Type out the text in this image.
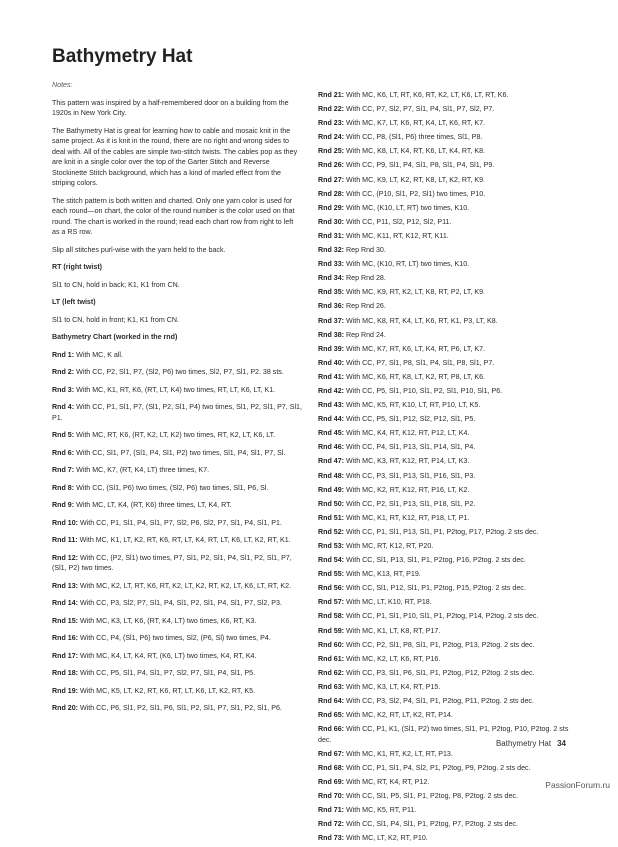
Bathymetry Hat

Notes:

This pattern was inspired by a half-remembered door on a building from the 1920s in New York City.

The Bathymetry Hat is great for learning how to cable and mosaic knit in the same project. As it is knit in the round, there are no right and wrong sides to deal with. All of the cables are simple two-stitch twists. The cables pop as they are knit in a single color over the top of the Garter Stitch and Reverse Stockinette Stitch background, which has a kind of marled effect from the striping colors.

The stitch pattern is both written and charted. Only one yarn color is used for each round—on chart, the color of the round number is the color used on that round. The chart is worked in the round; read each chart row from right to left as a RS row.

Slip all stitches purl-wise with the yarn held to the back.

RT (right twist)

Sl1 to CN, hold in back; K1, K1 from CN.

LT (left twist)

Sl1 to CN, hold in front; K1, K1 from CN.

Bathymetry Chart (worked in the rnd)

Rnd 1: With MC, K all.

Rnd 2: With CC, P2, Sl1, P7, (Sl2, P6) two times, Sl2, P7, Sl1, P2. 38 sts.

Rnd 3: With MC, K1, RT, K6, (RT, LT, K4) two times, RT, LT, K6, LT, K1.

Rnd 4: With CC, P1, Sl1, P7, (Sl1, P2, Sl1, P4) two times, Sl1, P2, Sl1, P7, Sl1, P1.

Rnd 5: With MC, RT, K6, (RT, K2, LT, K2) two times, RT, K2, LT, K6, LT.

Rnd 6: With CC, Sl1, P7, (Sl1, P4, Sl1, P2) two times, Sl1, P4, Sl1, P7, Sl.

Rnd 7: With MC, K7, (RT, K4, LT) three times, K7.

Rnd 8: With CC, (Sl1, P6) two times, (Sl2, P6) two times, Sl1, P6, Sl.

Rnd 9: With MC, LT, K4, (RT, K6) three times, LT, K4, RT.

Rnd 10: With CC, P1, Sl1, P4, Sl1, P7, Sl2, P6, Sl2, P7, Sl1, P4, Sl1, P1.

Rnd 11: With MC, K1, LT, K2, RT, K6, RT, LT, K4, RT, LT, K6, LT, K2, RT, K1.

Rnd 12: With CC, (P2, Sl1) two times, P7, Sl1, P2, Sl1, P4, Sl1, P2, Sl1, P7, (Sl1, P2) two times.

Rnd 13: With MC, K2, LT, RT, K6, RT, K2, LT, K2, RT, K2, LT, K6, LT, RT, K2.

Rnd 14: With CC, P3, Sl2, P7, Sl1, P4, Sl1, P2, Sl1, P4, Sl1, P7, Sl2, P3.

Rnd 15: With MC, K3, LT, K6, (RT, K4, LT) two times, K6, RT, K3.

Rnd 16: With CC, P4, (Sl1, P6) two times, Sl2, (P6, Sl) two times, P4.

Rnd 17: With MC, K4, LT, K4, RT, (K6, LT) two times, K4, RT, K4.

Rnd 18: With CC, P5, Sl1, P4, Sl1, P7, Sl2, P7, Sl1, P4, Sl1, P5.

Rnd 19: With MC, K5, LT, K2, RT, K6, RT, LT, K6, LT, K2, RT, K5.

Rnd 20: With CC, P6, Sl1, P2, Sl1, P6, Sl1, P2, Sl1, P7, Sl1, P2, Sl1, P6.

Rnd 21: With MC, K6, LT, RT, K6, RT, K2, LT, K6, LT, RT, K6.

Rnd 22: With CC, P7, Sl2, P7, Sl1, P4, Sl1, P7, Sl2, P7.

Rnd 23: With MC, K7, LT, K6, RT, K4, LT, K6, RT, K7.

Rnd 24: With CC, P8, (Sl1, P6) three times, Sl1, P8.

Rnd 25: With MC, K8, LT, K4, RT, K6, LT, K4, RT, K8.

Rnd 26: With CC, P9, Sl1, P4, Sl1, P8, Sl1, P4, Sl1, P9.

Rnd 27: With MC, K9, LT, K2, RT, K8, LT, K2, RT, K9.

Rnd 28: With CC, (P10, Sl1, P2, Sl1) two times, P10.

Rnd 29: With MC, (K10, LT, RT) two times, K10.

Rnd 30: With CC, P11, Sl2, P12, Sl2, P11.

Rnd 31: With MC, K11, RT, K12, RT, K11.

Rnd 32: Rep Rnd 30.

Rnd 33: With MC, (K10, RT, LT) two times, K10.

Rnd 34: Rep Rnd 28.

Rnd 35: With MC, K9, RT, K2, LT, K8, RT, P2, LT, K9.

Rnd 36: Rep Rnd 26.

Rnd 37: With MC, K8, RT, K4, LT, K6, RT, K1, P3, LT, K8.

Rnd 38: Rep Rnd 24.

Rnd 39: With MC, K7, RT, K6, LT, K4, RT, P6, LT, K7.

Rnd 40: With CC, P7, Sl1, P8, Sl1, P4, Sl1, P8, Sl1, P7.

Rnd 41: With MC, K6, RT, K8, LT, K2, RT, P8, LT, K6.

Rnd 42: With CC, P5, Sl1, P10, Sl1, P2, Sl1, P10, Sl1, P6.

Rnd 43: With MC, K5, RT, K10, LT, RT, P10, LT, K5.

Rnd 44: With CC, P5, Sl1, P12, Sl2, P12, Sl1, P5.

Rnd 45: With MC, K4, RT, K12, RT, P12, LT, K4.

Rnd 46: With CC, P4, Sl1, P13, Sl1, P14, Sl1, P4.

Rnd 47: With MC, K3, RT, K12, RT, P14, LT, K3.

Rnd 48: With CC, P3, Sl1, P13, Sl1, P16, Sl1, P3.

Rnd 49: With MC, K2, RT, K12, RT, P16, LT, K2.

Rnd 50: With CC, P2, Sl1, P13, Sl1, P18, Sl1, P2.

Rnd 51: With MC, K1, RT, K12, RT, P18, LT, P1.

Rnd 52: With CC, P1, Sl1, P13, Sl1, P1, P2tog, P17, P2tog. 2 sts dec.

Rnd 53: With MC, RT, K12, RT, P20.

Rnd 54: With CC, Sl1, P13, Sl1, P1, P2tog, P16, P2tog. 2 sts dec.

Rnd 55: With MC, K13, RT, P19.

Rnd 56: With CC, Sl1, P12, Sl1, P1, P2tog, P15, P2tog. 2 sts dec.

Rnd 57: With MC, LT, K10, RT, P18.

Rnd 58: With CC, P1, Sl1, P10, Sl1, P1, P2tog, P14, P2tog. 2 sts dec.

Rnd 59: With MC, K1, LT, K8, RT, P17.

Rnd 60: With CC, P2, Sl1, P8, Sl1, P1, P2tog, P13, P2tog. 2 sts dec.

Rnd 61: With MC, K2, LT, K6, RT, P16.

Rnd 62: With CC, P3, Sl1, P6, Sl1, P1, P2tog, P12, P2tog. 2 sts dec.

Rnd 63: With MC, K3, LT, K4, RT, P15.

Rnd 64: With CC, P3, Sl2, P4, Sl1, P1, P2tog, P11, P2tog. 2 sts dec.

Rnd 65: With MC, K2, RT, LT, K2, RT, P14.

Rnd 66: With CC, P1, K1, (Sl1, P2) two times, Sl1, P1, P2tog, P10, P2tog. 2 sts dec.

Rnd 67: With MC, K1, RT, K2, LT, RT, P13.

Rnd 68: With CC, P1, Sl1, P4, Sl2, P1, P2tog, P9, P2tog. 2 sts dec.

Rnd 69: With MC, RT, K4, RT, P12.

Rnd 70: With CC, Sl1, P5, Sl1, P1, P2tog, P8, P2tog. 2 sts dec.

Rnd 71: With MC, K5, RT, P11.

Rnd 72: With CC, Sl1, P4, Sl1, P1, P2tog, P7, P2tog. 2 sts dec.

Rnd 73: With MC, LT, K2, RT, P10.

Bathymetry Hat 34
PassionForum.ru
